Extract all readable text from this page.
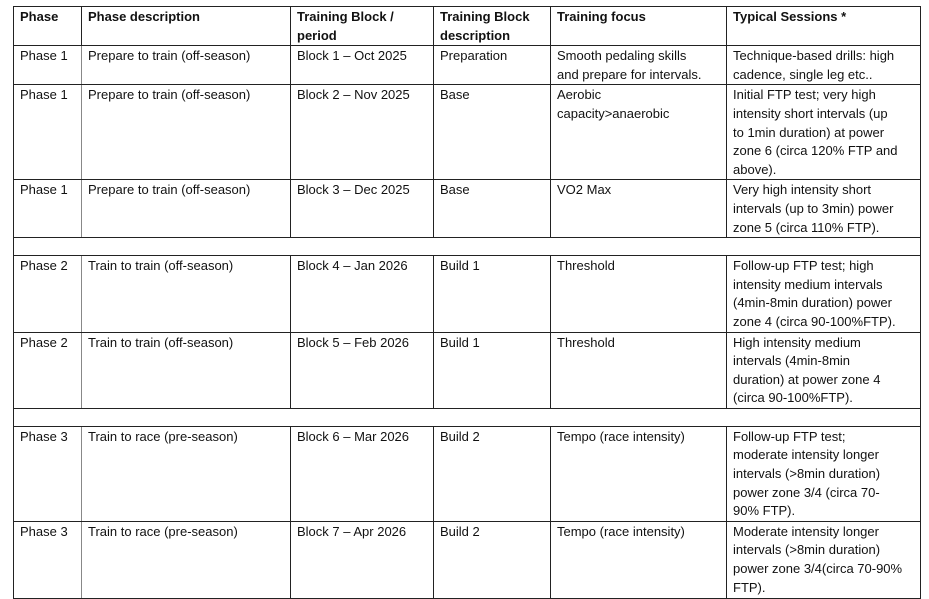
Phase	Phase description	Training Block /
period	Training Block
description	Training focus	Typical Sessions *

Phase 1	Prepare to train (off-season)	Block 1 – Oct 2025	Preparation	Smooth pedaling skills
and prepare for intervals.	Technique-based drills: high
cadence, single leg etc..

Phase 1	Prepare to train (off-season)	Block 2 – Nov 2025	Base	Aerobic
capacity>anaerobic	Initial FTP test; very high
intensity short intervals (up
to 1min duration) at power
zone 6 (circa 120% FTP and
above).

Phase 1	Prepare to train (off-season)	Block 3 – Dec 2025	Base	VO2 Max	Very high intensity short
intervals (up to 3min) power
zone 5 (circa 110% FTP).

Phase 2	Train to train (off-season)	Block 4 – Jan 2026	Build 1	Threshold	Follow-up FTP test; high
intensity medium intervals
(4min-8min duration) power
zone 4 (circa 90-100%FTP).

Phase 2	Train to train (off-season)	Block 5 – Feb 2026	Build 1	Threshold	High intensity medium
intervals (4min-8min
duration) at power zone 4
(circa 90-100%FTP).

Phase 3	Train to race (pre-season)	Block 6 – Mar 2026	Build 2	Tempo (race intensity)	Follow-up FTP test;
moderate intensity longer
intervals (>8min duration)
power zone 3/4 (circa 70-
90% FTP).

Phase 3	Train to race (pre-season)	Block 7 – Apr 2026	Build 2	Tempo (race intensity)	Moderate intensity longer
intervals (>8min duration)
power zone 3/4(circa 70-90%
FTP).
